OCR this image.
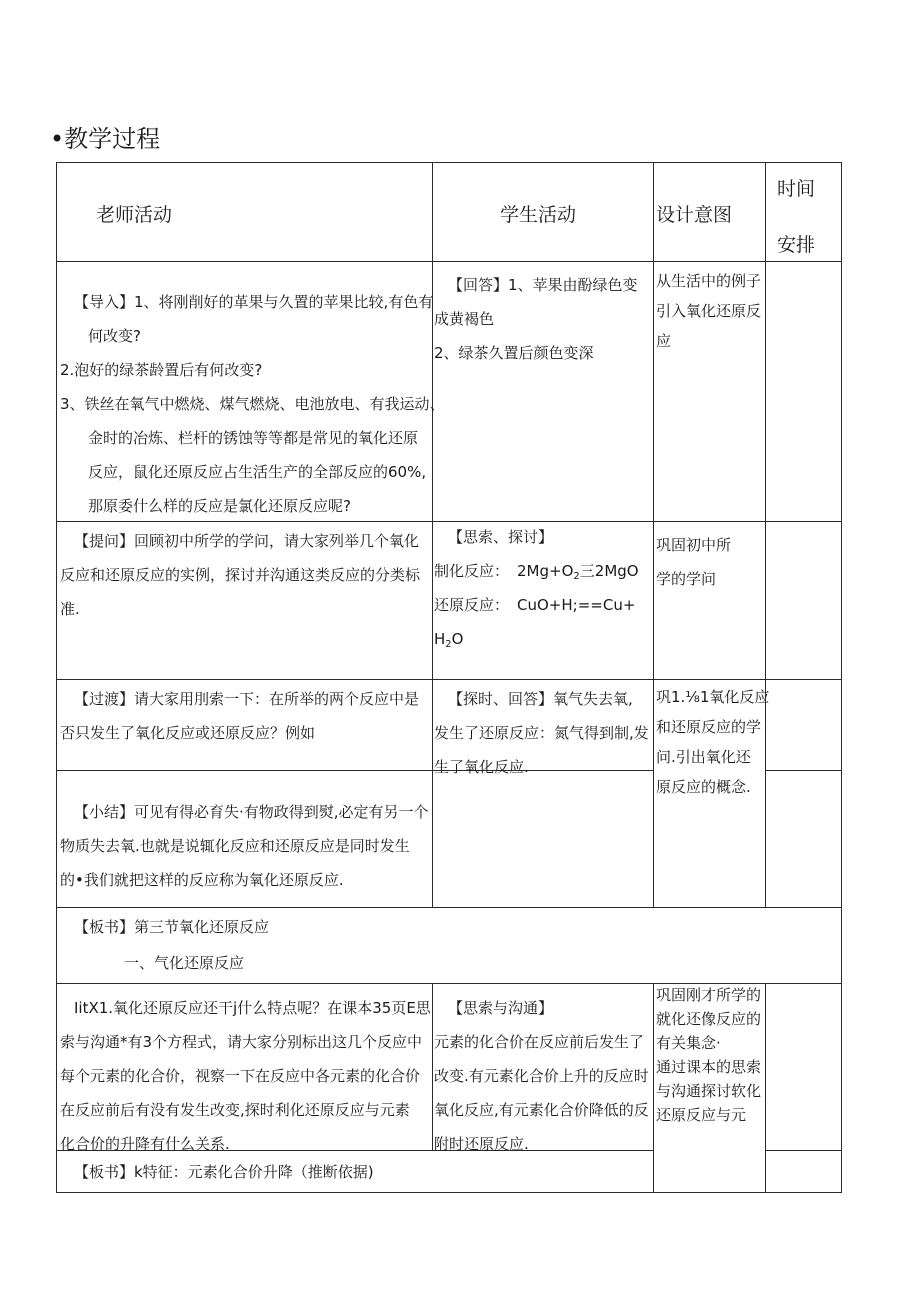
•教学过程
老师活动	学生活动	设计意图
时间
安排
【导入】1、将刚削好的革果与久置的苹果比较,有色有
何改变?
2.泡好的绿茶龄置后有何改变?
3、铁丝在氧气中燃烧、煤气燃烧、电池放电、有我运动、
金时的冶炼、栏杆的锈蚀等等都是常见的氧化还原
反应，鼠化还原反应占生活生产的全部反应的60%,
那原委什么样的反应是氯化还原反应呢?
【回答】1、苹果由酚绿色变
成黄褐色
2、绿茶久置后颜色变深
从生活中的例子
引入氧化还原反
应
【提问】回顾初中所学的学问，请大家列举几个氧化
反应和还原反应的实例，探讨并沟通这类反应的分类标
准.
【思索、探讨】
制化反应： $2Mg+O_2$三2MgO
还原反应： CuO+H;==Cu+
$H_2O$
巩固初中所
学的学问
【过渡】请大家用刖索一下：在所举的两个反应中是
否只发生了氧化反应或还原反应？例如
【探时、回答】氧气失去氧,
发生了还原反应：氮气得到制,发
生了氧化反应.
巩1.⅛1氧化反应
和还原反应的学
问.引出氧化还
原反应的概念.
【小结】可见有得必育失·有物政得到熨,必定有另一个
物质失去氧.也就是说辄化反应和还原反应是同时发生
的•我们就把这样的反应称为氧化还原反应.
【板书】第三节氧化还原反应
一、气化还原反应
IitX1.氧化还原反应还干j什么特点呢？在课本35页E思
索与沟通*有3个方程式，请大家分别标出这几个反应中
每个元素的化合价，视察一下在反应中各元素的化合价
在反应前后有没有发生改变,探时利化还原反应与元素
化合价的升降有什么关系.
【思索与沟通】
元素的化合价在反应前后发生了
改变.有元素化合价上升的反应时
氧化反应,有元素化合价降低的反
附时还原反应.
巩固刚才所学的
就化还像反应的
有关集念·
通过课本的思索
与沟通探讨软化
还原反应与元
【板书】k特征：元素化合价升降（推断依据)
